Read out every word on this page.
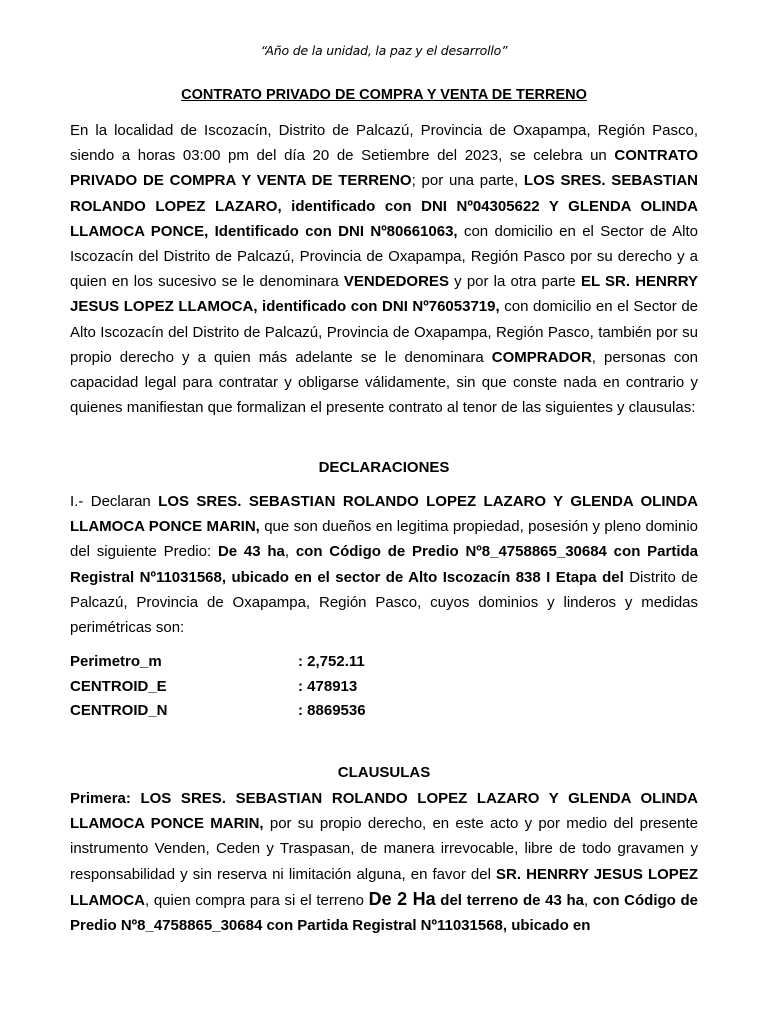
“Año de la unidad, la paz y el desarrollo”
CONTRATO PRIVADO DE COMPRA Y VENTA DE TERRENO

En la localidad de Iscozacín, Distrito de Palcazú, Provincia de Oxapampa, Región Pasco, siendo a horas 03:00 pm del día 20 de Setiembre del 2023, se celebra un CONTRATO PRIVADO DE COMPRA Y VENTA DE TERRENO; por una parte, LOS SRES. SEBASTIAN ROLANDO LOPEZ LAZARO, identificado con DNI Nº04305622 Y GLENDA OLINDA LLAMOCA PONCE, Identificado con DNI Nº80661063, con domicilio en el Sector de Alto Iscozacín del Distrito de Palcazú, Provincia de Oxapampa, Región Pasco por su derecho y a quien en los sucesivo se le denominara VENDEDORES y por la otra parte EL SR. HENRRY JESUS LOPEZ LLAMOCA, identificado con DNI Nº76053719, con domicilio en el Sector de Alto Iscozacín del Distrito de Palcazú, Provincia de Oxapampa, Región Pasco, también por su propio derecho y a quien más adelante se le denominara COMPRADOR, personas con capacidad legal para contratar y obligarse válidamente, sin que conste nada en contrario y quienes manifiestan que formalizan el presente contrato al tenor de las siguientes y clausulas:

DECLARACIONES

I.- Declaran LOS SRES. SEBASTIAN ROLANDO LOPEZ LAZARO Y GLENDA OLINDA LLAMOCA PONCE MARIN, que son dueños en legitima propiedad, posesión y pleno dominio del siguiente Predio: De 43 ha, con Código de Predio Nº8_4758865_30684 con Partida Registral Nº11031568, ubicado en el sector de Alto Iscozacín 838 I Etapa del Distrito de Palcazú, Provincia de Oxapampa, Región Pasco, cuyos dominios y linderos y medidas perimétricas son:

Perimetro_m	: 2,752.11
CENTROID_E	: 478913
CENTROID_N	: 8869536
CLAUSULAS

Primera: LOS SRES. SEBASTIAN ROLANDO LOPEZ LAZARO Y GLENDA OLINDA LLAMOCA PONCE MARIN, por su propio derecho, en este acto y por medio del presente instrumento Venden, Ceden y Traspasan, de manera irrevocable, libre de todo gravamen y responsabilidad y sin reserva ni limitación alguna, en favor del SR. HENRRY JESUS LOPEZ LLAMOCA, quien compra para si el terreno De 2 Ha del terreno de 43 ha, con Código de Predio Nº8_4758865_30684 con Partida Registral Nº11031568, ubicado en
